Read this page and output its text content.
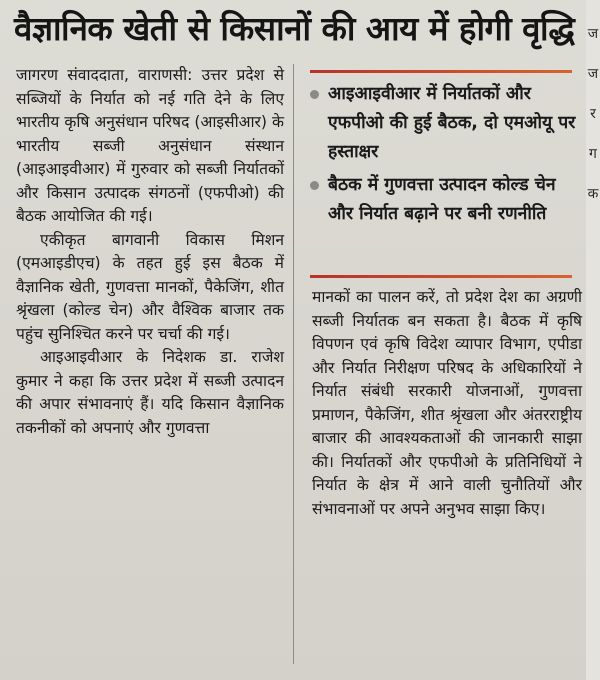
वैज्ञानिक खेती से किसानों की आय में होगी वृद्धि ज
ज
र
ग
क

जागरण संवाददाता, वाराणसी: उत्तर प्रदेश से सब्जियों के निर्यात को नई गति देने के लिए भारतीय कृषि अनुसंधान परिषद (आइसीआर) के भारतीय सब्जी अनुसंधान संस्थान (आइआइवीआर) में गुरुवार को सब्जी निर्यातकों और किसान उत्पादक संगठनों (एफपीओ) की बैठक आयोजित की गई।

एकीकृत बागवानी विकास मिशन (एमआइडीएच) के तहत हुई इस बैठक में वैज्ञानिक खेती, गुणवत्ता मानकों, पैकेजिंग, शीत श्रृंखला (कोल्ड चेन) और वैश्विक बाजार तक पहुंच सुनिश्चित करने पर चर्चा की गई।

आइआइवीआर के निदेशक डा. राजेश कुमार ने कहा कि उत्तर प्रदेश में सब्जी उत्पादन की अपार संभावनाएं हैं। यदि किसान वैज्ञानिक तकनीकों को अपनाएं और गुणवत्ता

आइआइवीआर में निर्यातकों और एफपीओ की हुई बैठक, दो एमओयू पर हस्ताक्षर
बैठक में गुणवत्ता उत्पादन कोल्ड चेन और निर्यात बढ़ाने पर बनी रणनीति

मानकों का पालन करें, तो प्रदेश देश का अग्रणी सब्जी निर्यातक बन सकता है। बैठक में कृषि विपणन एवं कृषि विदेश व्यापार विभाग, एपीडा और निर्यात निरीक्षण परिषद के अधिकारियों ने निर्यात संबंधी सरकारी योजनाओं, गुणवत्ता प्रमाणन, पैकेजिंग, शीत श्रृंखला और अंतरराष्ट्रीय बाजार की आवश्यकताओं की जानकारी साझा की। निर्यातकों और एफपीओ के प्रतिनिधियों ने निर्यात के क्षेत्र में आने वाली चुनौतियों और संभावनाओं पर अपने अनुभव साझा किए।
